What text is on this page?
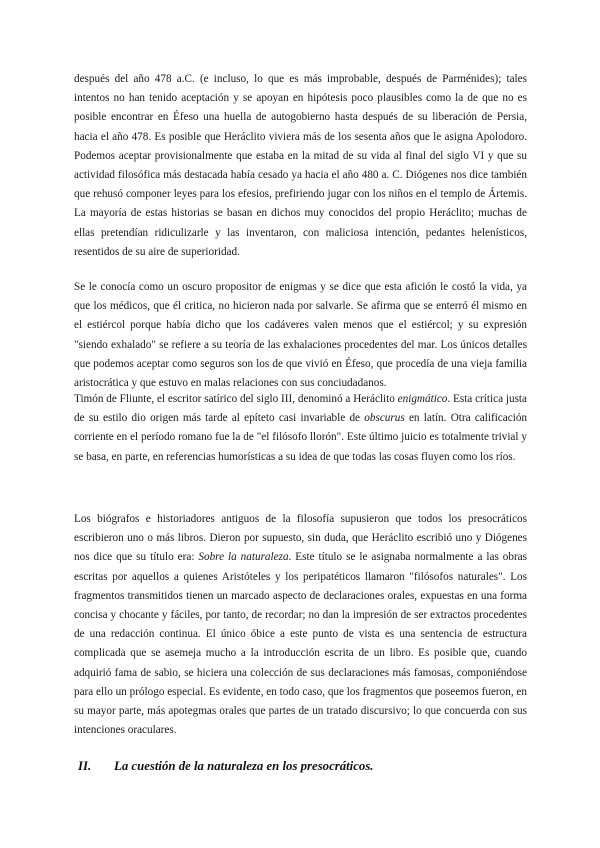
después del año 478 a.C. (e incluso, lo que es más improbable, después de Parménides); tales intentos no han tenido aceptación y se apoyan en hipótesis poco plausibles como la de que no es posible encontrar en Éfeso una huella de autogobierno hasta después de su liberación de Persia, hacia el año 478. Es posible que Heráclito viviera más de los sesenta años que le asigna Apolodoro. Podemos aceptar provisionalmente que estaba en la mitad de su vida al final del siglo VI y que su actividad filosófica más destacada había cesado ya hacia el año 480 a. C. Diógenes nos dice también que rehusó componer leyes para los efesios, prefiriendo jugar con los niños en el templo de Ártemis. La mayoría de estas historias se basan en dichos muy conocidos del propio Heráclito; muchas de ellas pretendían ridiculizarle y las inventaron, con maliciosa intención, pedantes helenísticos, resentidos de su aire de superioridad.
Se le conocía como un oscuro propositor de enigmas y se dice que esta afición le costó la vida, ya que los médicos, que él critica, no hicieron nada por salvarle. Se afirma que se enterró él mismo en el estiércol porque había dicho que los cadáveres valen menos que el estiércol; y su expresión "siendo exhalado" se refiere a su teoría de las exhalaciones procedentes del mar. Los únicos detalles que podemos aceptar como seguros son los de que vivió en Éfeso, que procedía de una vieja familia aristocrática y que estuvo en malas relaciones con sus conciudadanos.
Timón de Fliunte, el escritor satírico del siglo III, denominó a Heráclito enigmático. Esta crítica justa de su estilo dio origen más tarde al epíteto casi invariable de obscurus en latín. Otra calificación corriente en el período romano fue la de "el filósofo llorón". Este último juicio es totalmente trivial y se basa, en parte, en referencias humorísticas a su idea de que todas las cosas fluyen como los ríos.
Los biógrafos e historiadores antiguos de la filosofía supusieron que todos los presocráticos escribieron uno o más libros. Dieron por supuesto, sin duda, que Heráclito escribió uno y Diógenes nos dice que su título era: Sobre la naturaleza. Este título se le asignaba normalmente a las obras escritas por aquellos a quienes Aristóteles y los peripatéticos llamaron "filósofos naturales". Los fragmentos transmitidos tienen un marcado aspecto de declaraciones orales, expuestas en una forma concisa y chocante y fáciles, por tanto, de recordar; no dan la impresión de ser extractos procedentes de una redacción continua. El único óbice a este punto de vista es una sentencia de estructura complicada que se asemeja mucho a la introducción escrita de un libro. Es posible que, cuando adquirió fama de sabio, se hiciera una colección de sus declaraciones más famosas, componiéndose para ello un prólogo especial. Es evidente, en todo caso, que los fragmentos que poseemos fueron, en su mayor parte, más apotegmas orales que partes de un tratado discursivo; lo que concuerda con sus intenciones oraculares.
II. La cuestión de la naturaleza en los presocráticos.
